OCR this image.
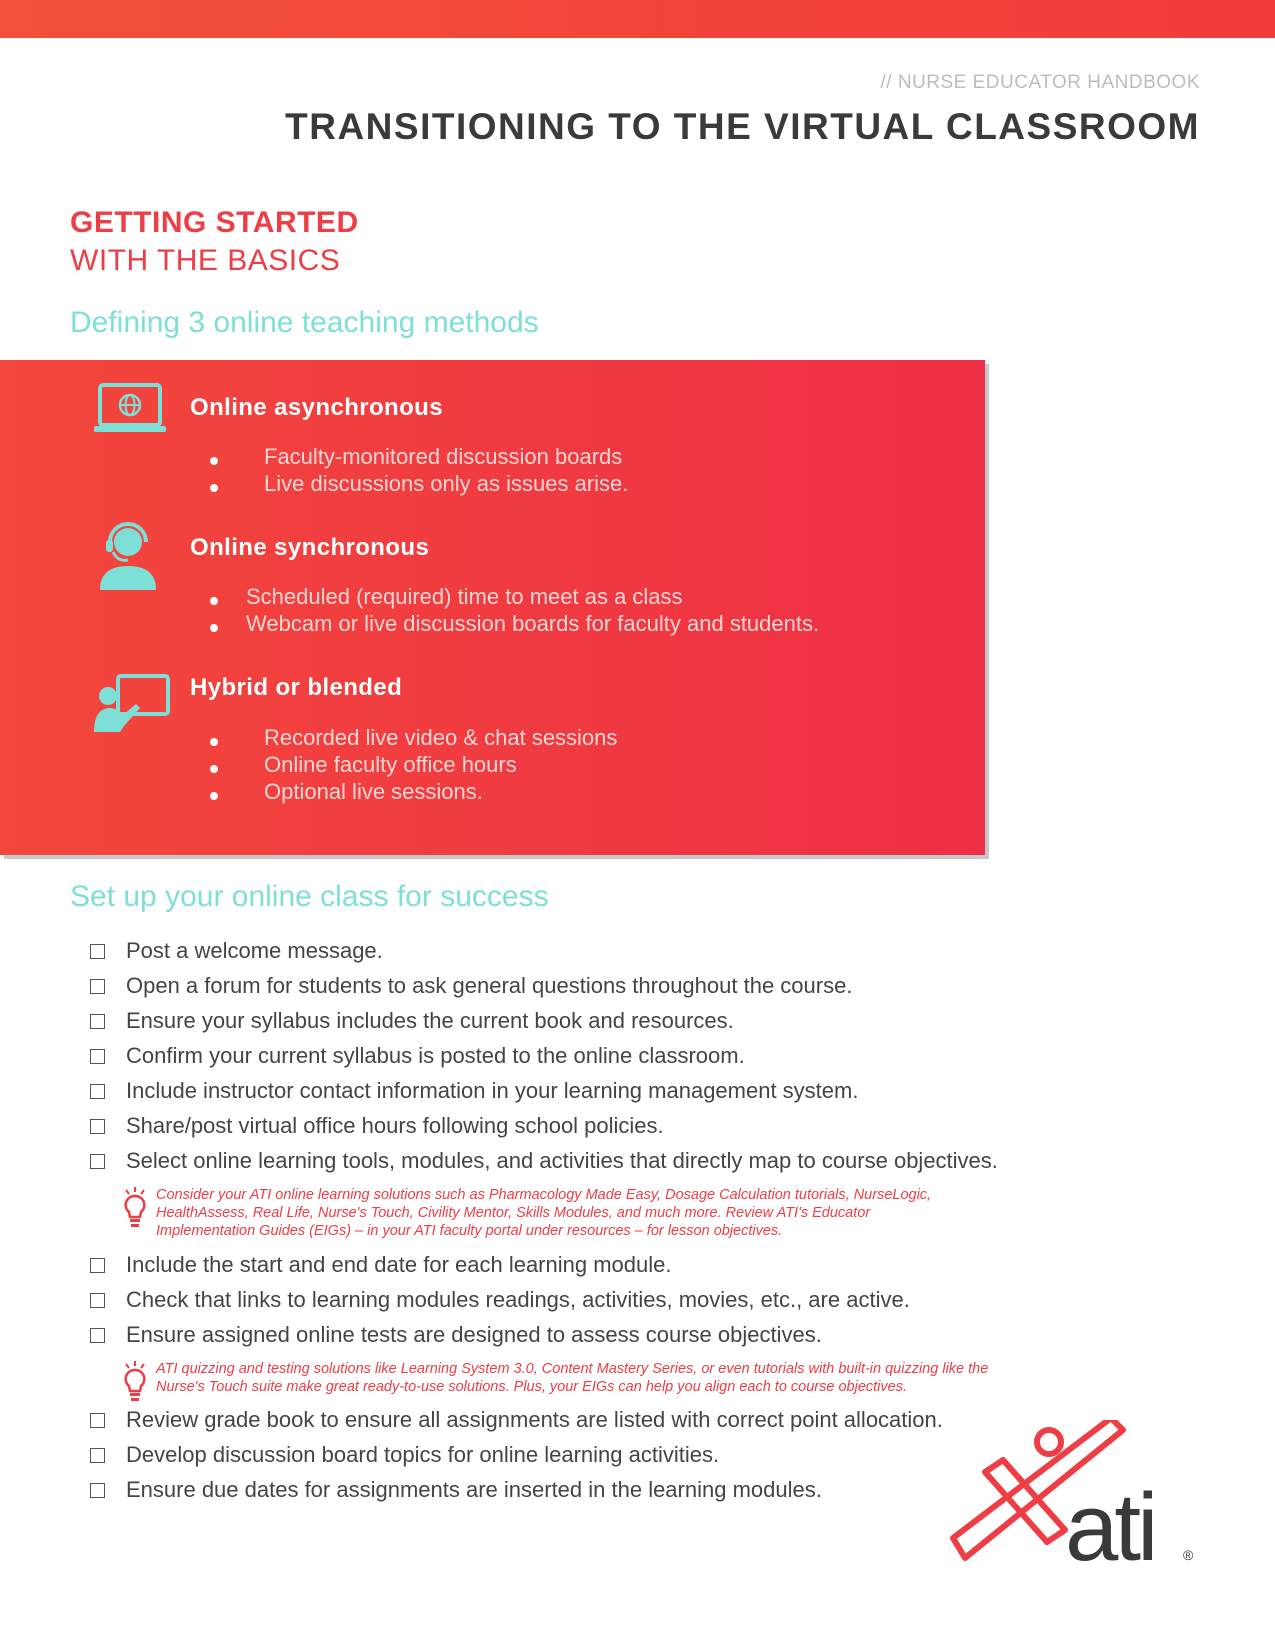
// NURSE EDUCATOR HANDBOOK
TRANSITIONING TO THE VIRTUAL CLASSROOM
GETTING STARTED
WITH THE BASICS
Defining 3 online teaching methods
Online asynchronous
Faculty-monitored discussion boards
Live discussions only as issues arise.
Online synchronous
Scheduled (required) time to meet as a class
Webcam or live discussion boards for faculty and students.
Hybrid or blended
Recorded live video & chat sessions
Online faculty office hours
Optional live sessions.
Set up your online class for success
Post a welcome message.
Open a forum for students to ask general questions throughout the course.
Ensure your syllabus includes the current book and resources.
Confirm your current syllabus is posted to the online classroom.
Include instructor contact information in your learning management system.
Share/post virtual office hours following school policies.
Select online learning tools, modules, and activities that directly map to course objectives.
Consider your ATI online learning solutions such as Pharmacology Made Easy, Dosage Calculation tutorials, NurseLogic,
HealthAssess, Real Life, Nurse's Touch, Civility Mentor, Skills Modules, and much more. Review ATI's Educator
Implementation Guides (EIGs) – in your ATI faculty portal under resources – for lesson objectives.
Include the start and end date for each learning module.
Check that links to learning modules readings, activities, movies, etc., are active.
Ensure assigned online tests are designed to assess course objectives.
ATI quizzing and testing solutions like Learning System 3.0, Content Mastery Series, or even tutorials with built-in quizzing like the
Nurse's Touch suite make great ready-to-use solutions. Plus, your EIGs can help you align each to course objectives.
Review grade book to ensure all assignments are listed with correct point allocation.
Develop discussion board topics for online learning activities.
Ensure due dates for assignments are inserted in the learning modules.	ati ®
